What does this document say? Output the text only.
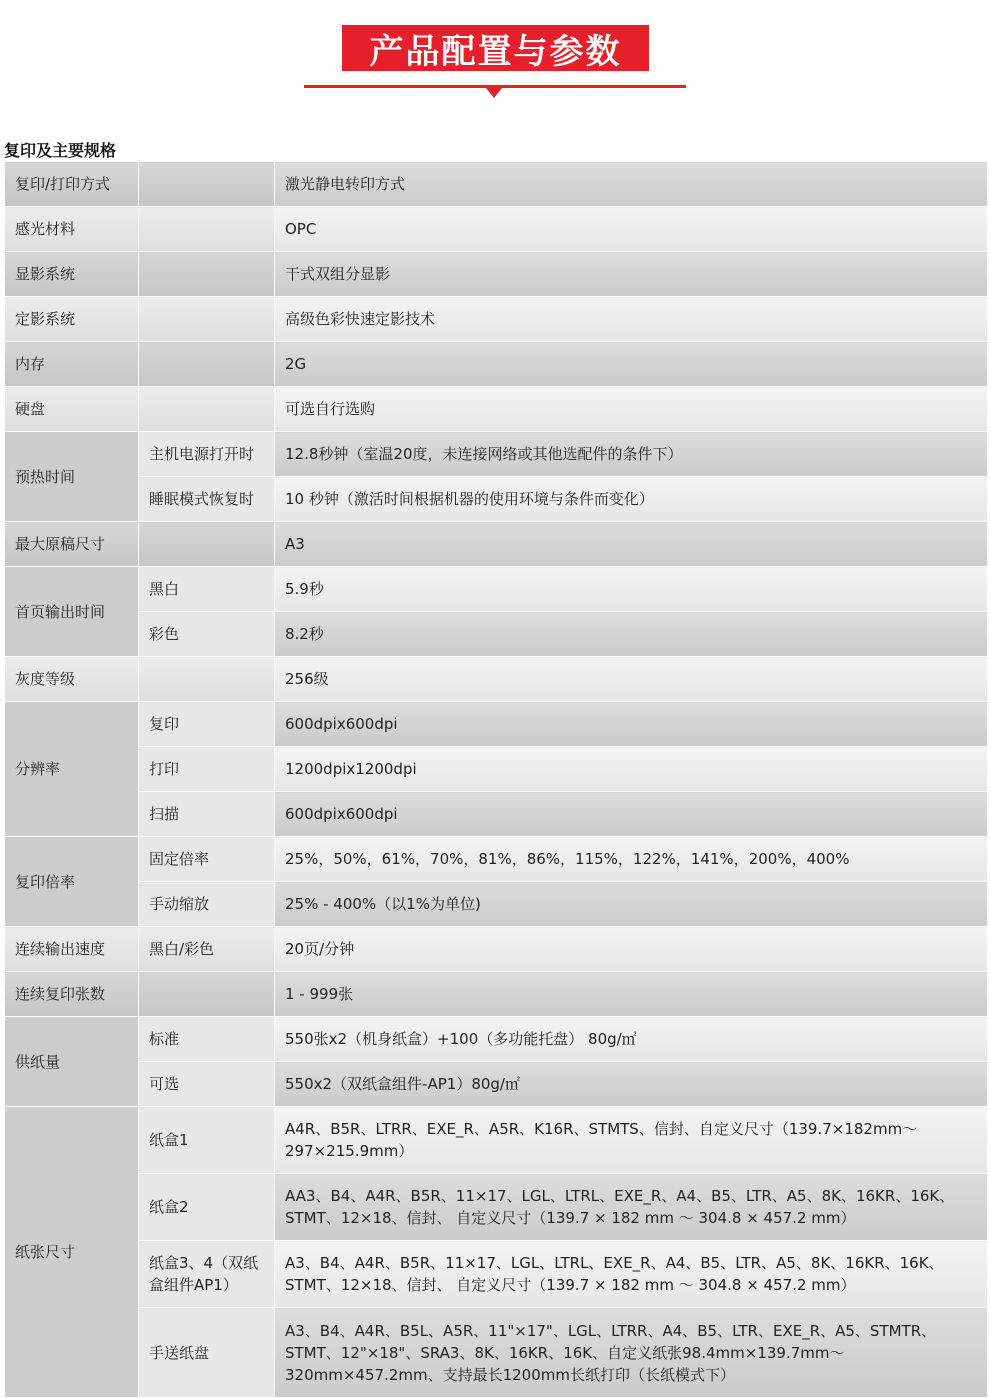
产品配置与参数
复印及主要规格
复印/打印方式		激光静电转印方式
感光材料		OPC
显影系统		干式双组分显影
定影系统		高级色彩快速定影技术
内存		2G
硬盘		可选自行选购
预热时间	主机电源打开时	12.8秒钟（室温20度，未连接网络或其他选配件的条件下）
	睡眠模式恢复时	10 秒钟（激活时间根据机器的使用环境与条件而变化）
最大原稿尺寸		A3
首页输出时间	黑白	5.9秒
	彩色	8.2秒
灰度等级		256级
分辨率	复印	600dpix600dpi
	打印	1200dpix1200dpi
	扫描	600dpix600dpi
复印倍率	固定倍率	25%，50%，61%，70%，81%，86%，115%，122%，141%，200%，400%
	手动缩放	25% - 400%（以1%为单位)
连续输出速度	黑白/彩色	20页/分钟
连续复印张数		1 - 999张
供纸量	标准	550张x2（机身纸盒）+100（多功能托盘） 80g/㎡
	可选	550x2（双纸盒组件-AP1）80g/㎡
纸张尺寸	纸盒1	A4R、B5R、LTRR、EXE_R、A5R、K16R、STMTS、信封、自定义尺寸（139.7×182mm～297×215.9mm）
	纸盒2	AA3、B4、A4R、B5R、11×17、LGL、LTRL、EXE_R、A4、B5、LTR、A5、8K、16KR、16K、STMT、12×18、信封、 自定义尺寸（139.7 × 182 mm ～ 304.8 × 457.2 mm）
	纸盒3、4（双纸盒组件AP1）	A3、B4、A4R、B5R、11×17、LGL、LTRL、EXE_R、A4、B5、LTR、A5、8K、16KR、16K、STMT、12×18、信封、 自定义尺寸（139.7 × 182 mm ～ 304.8 × 457.2 mm）
	手送纸盘	A3、B4、A4R、B5L、A5R、11"×17"、LGL、LTRR、A4、B5、LTR、EXE_R、A5、STMTR、STMT、12"×18"、SRA3、8K、16KR、16K、自定义纸张98.4mm×139.7mm～320mm×457.2mm、支持最长1200mm长纸打印（长纸模式下）
